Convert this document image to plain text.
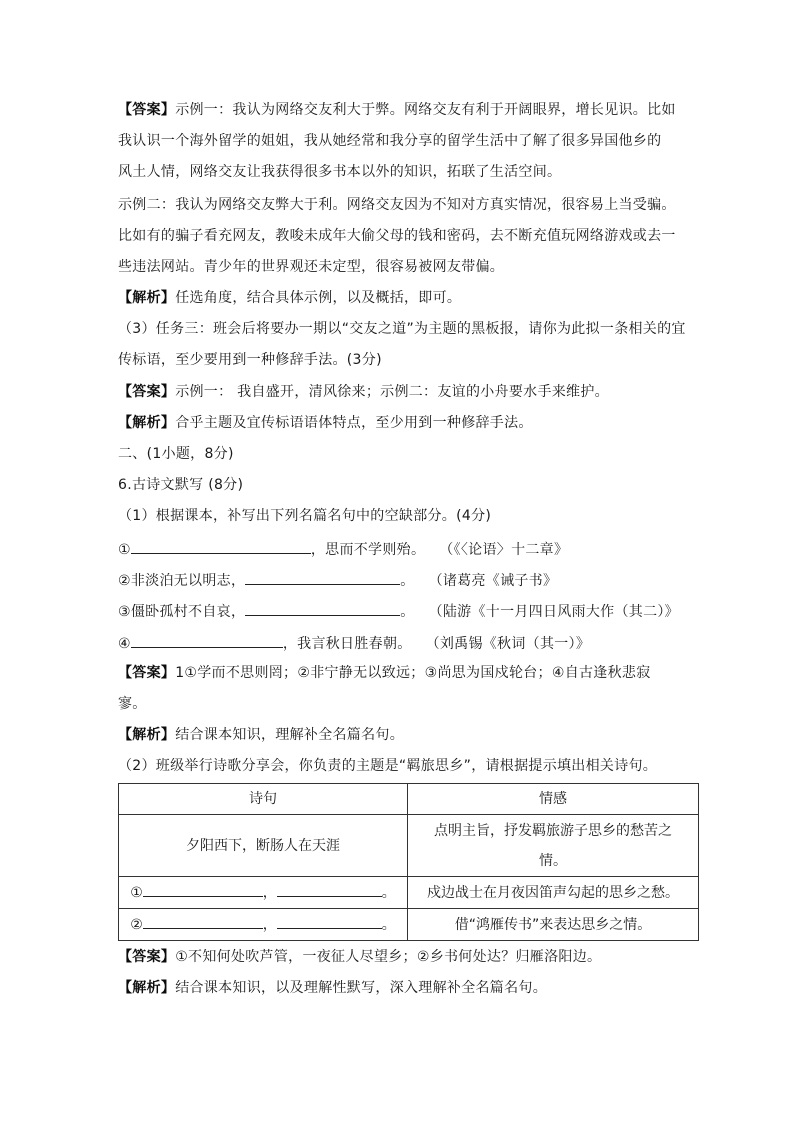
【答案】示例一：我认为网络交友利大于弊。网络交友有利于开阔眼界，增长见识。比如
我认识一个海外留学的姐姐，我从她经常和我分享的留学生活中了解了很多异国他乡的
风土人情，网络交友让我获得很多书本以外的知识，拓联了生活空间。
示例二：我认为网络交友弊大于利。网络交友因为不知对方真实情况，很容易上当受骗。
比如有的骗子看充网友，教唆未成年大偷父母的钱和密码，去不断充值玩网络游戏或去一
些违法网站。青少年的世界观还未定型，很容易被网友带偏。
【解析】任选角度，结合具体示例，以及概括，即可。
（3）任务三：班会后将要办一期以“交友之道”为主题的黑板报，请你为此拟一条相关的宜
传标语，至少要用到一种修辞手法。(3分)
【答案】示例一： 我自盛开，清风徐来；示例二：友谊的小舟要水手来维护。
【解析】合乎主题及宜传标语语体特点，至少用到一种修辞手法。
二、(1小题，8分)
6.古诗文默写 (8分)
（1）根据课本，补写出下列名篇名句中的空缺部分。(4分)
①	，思而不学则殆。 （《〈论语〉十二章》
②非淡泊无以明志，	。 （诸葛亮《诫子书》
③僵卧孤村不自哀，	。 （陆游《十一月四日风雨大作（其二）》
④	，我言秋日胜春朝。 （刘禹锡《秋词（其一）》
【答案】1①学而不思则罔；②非宁静无以致远；③尚思为国戍轮台；④自古逢秋悲寂
寥。
【解析】结合课本知识，理解补全名篇名句。
（2）班级举行诗歌分享会，你负责的主题是“羁旅思乡”，请根据提示填出相关诗句。
诗句	情感
夕阳西下，断肠人在天涯	点明主旨，抒发羁旅游子思乡的愁苦之
情。

① ， 。	戍边战士在月夜因笛声勾起的思乡之愁。
② ， 。	借“鸿雁传书”来表达思乡之情。
【答案】①不知何处吹芦管，一夜征人尽望乡；②乡书何处达？归雁洛阳边。
【解析】结合课本知识，以及理解性默写，深入理解补全名篇名句。
